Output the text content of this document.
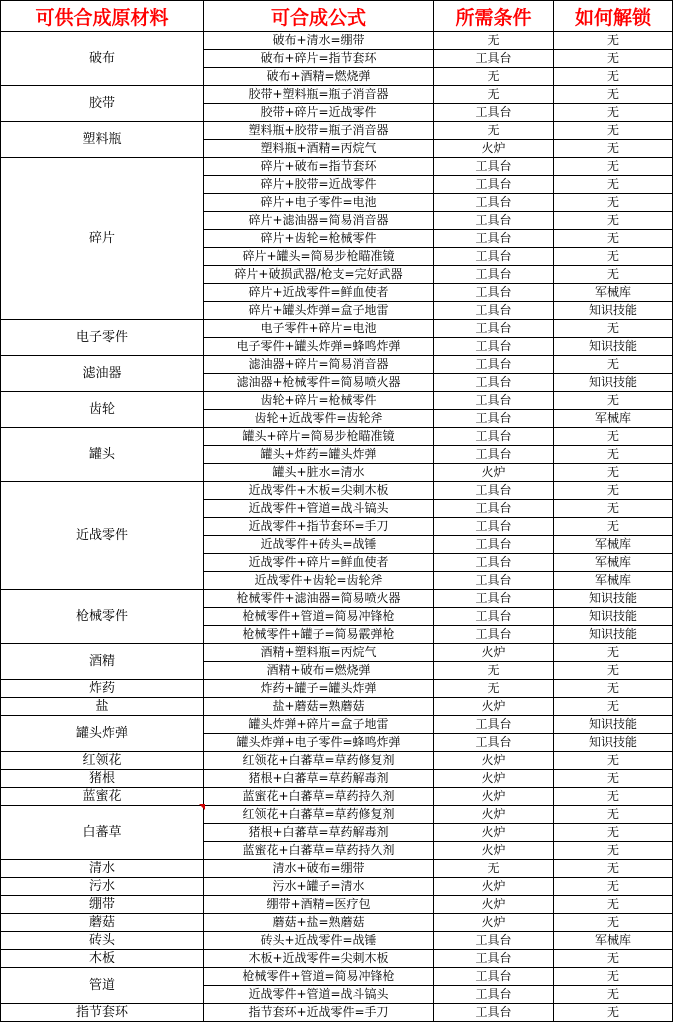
可供合成原材料	可合成公式	所需条件	如何解锁
破布	破布+清水=绷带	无	无
	破布+碎片=指节套环	工具台	无
	破布+酒精=燃烧弹	无	无
胶带	胶带+塑料瓶=瓶子消音器	无	无
	胶带+碎片=近战零件	工具台	无
塑料瓶	塑料瓶+胶带=瓶子消音器	无	无
	塑料瓶+酒精=丙烷气	火炉	无
碎片	碎片+破布=指节套环	工具台	无
	碎片+胶带=近战零件	工具台	无
	碎片+电子零件=电池	工具台	无
	碎片+滤油器=简易消音器	工具台	无
	碎片+齿轮=枪械零件	工具台	无
	碎片+罐头=简易步枪瞄准镜	工具台	无
	碎片+破损武器/枪支=完好武器	工具台	无
	碎片+近战零件=鲜血使者	工具台	军械库
	碎片+罐头炸弹=盒子地雷	工具台	知识技能
电子零件	电子零件+碎片=电池	工具台	无
	电子零件+罐头炸弹=蜂鸣炸弹	工具台	知识技能
滤油器	滤油器+碎片=简易消音器	工具台	无
	滤油器+枪械零件=简易喷火器	工具台	知识技能
齿轮	齿轮+碎片=枪械零件	工具台	无
	齿轮+近战零件=齿轮斧	工具台	军械库
罐头	罐头+碎片=简易步枪瞄准镜	工具台	无
	罐头+炸药=罐头炸弹	工具台	无
	罐头+脏水=清水	火炉	无
近战零件	近战零件+木板=尖刺木板	工具台	无
	近战零件+管道=战斗镐头	工具台	无
	近战零件+指节套环=手刀	工具台	无
	近战零件+砖头=战锤	工具台	军械库
	近战零件+碎片=鲜血使者	工具台	军械库
	近战零件+齿轮=齿轮斧	工具台	军械库
枪械零件	枪械零件+滤油器=简易喷火器	工具台	知识技能
	枪械零件+管道=简易冲锋枪	工具台	知识技能
	枪械零件+罐子=简易霰弹枪	工具台	知识技能
酒精	酒精+塑料瓶=丙烷气	火炉	无
	酒精+破布=燃烧弹	无	无
炸药	炸药+罐子=罐头炸弹	无	无
盐	盐+蘑菇=熟蘑菇	火炉	无
罐头炸弹	罐头炸弹+碎片=盒子地雷	工具台	知识技能
	罐头炸弹+电子零件=蜂鸣炸弹	工具台	知识技能
红领花	红领花+白蕃草=草药修复剂	火炉	无
猪根	猪根+白蕃草=草药解毒剂	火炉	无
蓝蜜花	蓝蜜花+白蕃草=草药持久剂	火炉	无
白蕃草	红领花+白蕃草=草药修复剂	火炉	无
	猪根+白蕃草=草药解毒剂	火炉	无
	蓝蜜花+白蕃草=草药持久剂	火炉	无
清水	清水+破布=绷带	无	无
污水	污水+罐子=清水	火炉	无
绷带	绷带+酒精=医疗包	火炉	无
蘑菇	蘑菇+盐=熟蘑菇	火炉	无
砖头	砖头+近战零件=战锤	工具台	军械库
木板	木板+近战零件=尖刺木板	工具台	无
管道	枪械零件+管道=简易冲锋枪	工具台	无
	近战零件+管道=战斗镐头	工具台	无
指节套环	指节套环+近战零件=手刀	工具台	无
